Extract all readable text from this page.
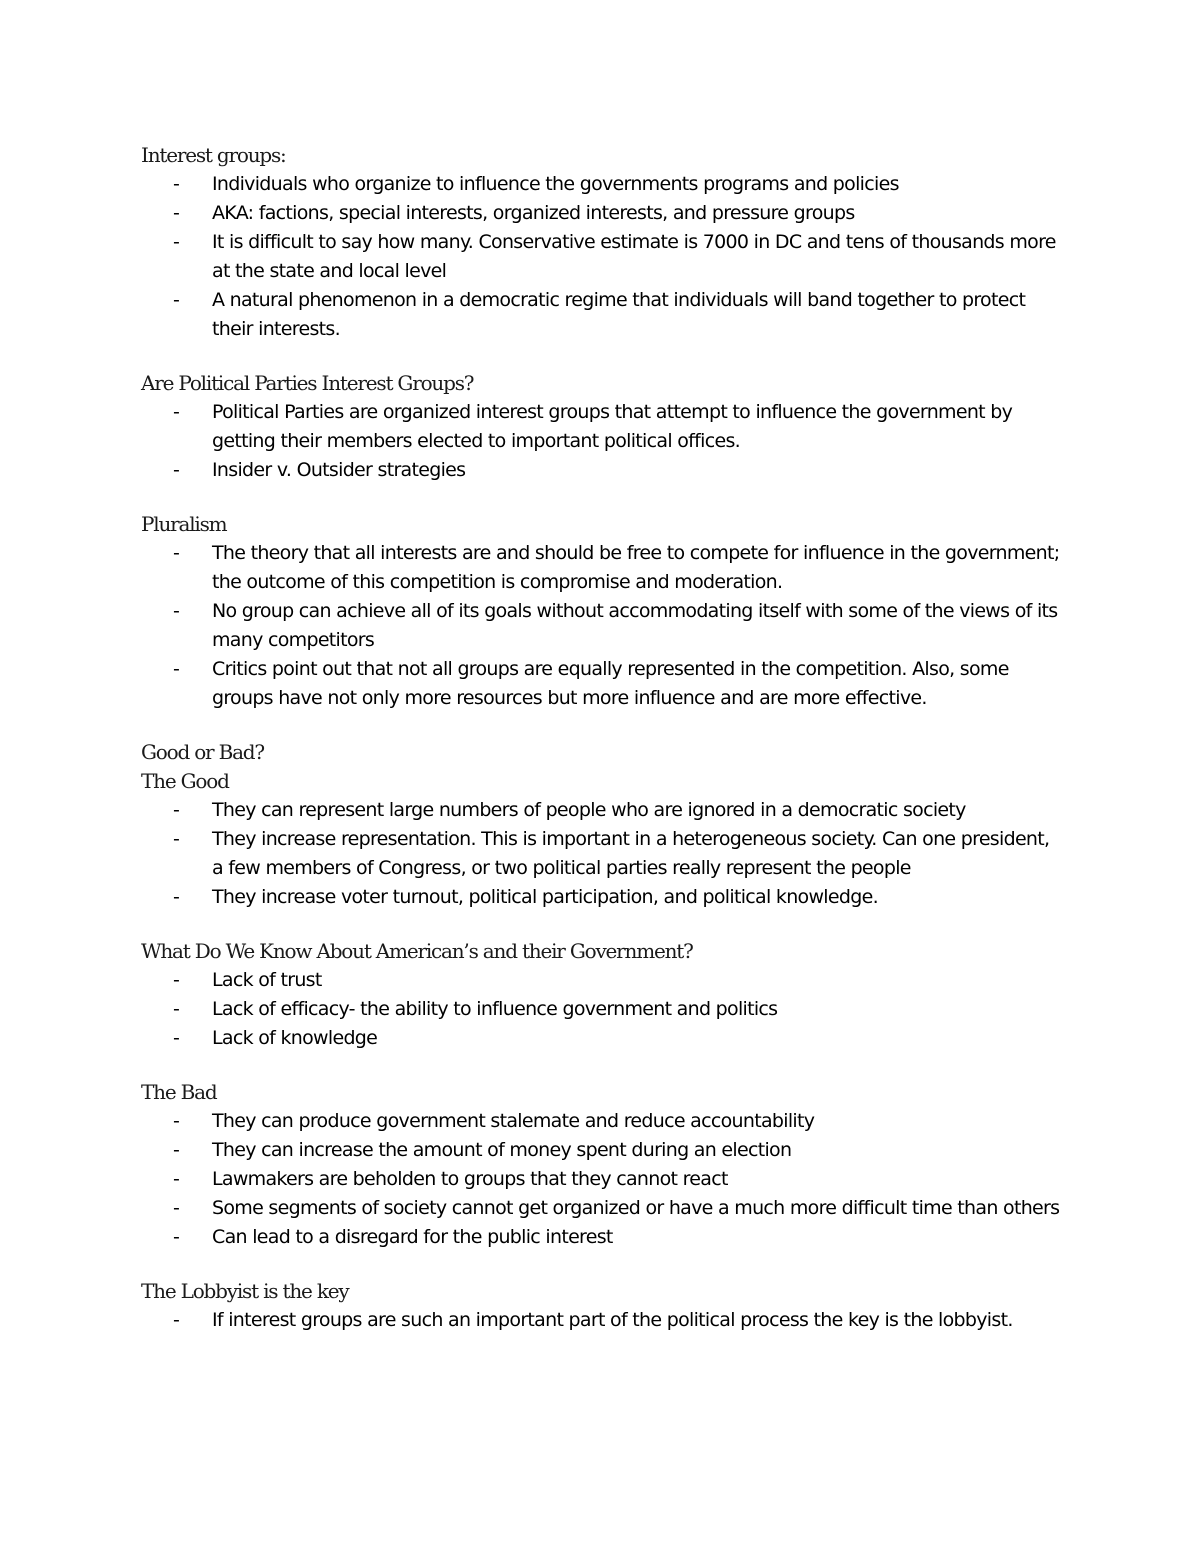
Interest groups:

- Individuals who organize to influence the governments programs and policies
- AKA: factions, special interests, organized interests, and pressure groups
- It is difficult to say how many. Conservative estimate is 7000 in DC and tens of thousands more at the state and local level
- A natural phenomenon in a democratic regime that individuals will band together to protect their interests.

Are Political Parties Interest Groups?

- Political Parties are organized interest groups that attempt to influence the government by getting their members elected to important political offices.
- Insider v. Outsider strategies

Pluralism

- The theory that all interests are and should be free to compete for influence in the government; the outcome of this competition is compromise and moderation.
- No group can achieve all of its goals without accommodating itself with some of the views of its many competitors
- Critics point out that not all groups are equally represented in the competition. Also, some groups have not only more resources but more influence and are more effective.

Good or Bad?

The Good

- They can represent large numbers of people who are ignored in a democratic society
- They increase representation. This is important in a heterogeneous society. Can one president, a few members of Congress, or two political parties really represent the people
- They increase voter turnout, political participation, and political knowledge.

What Do We Know About American’s and their Government?

- Lack of trust
- Lack of efficacy- the ability to influence government and politics
- Lack of knowledge

The Bad

- They can produce government stalemate and reduce accountability
- They can increase the amount of money spent during an election
- Lawmakers are beholden to groups that they cannot react
- Some segments of society cannot get organized or have a much more difficult time than others
- Can lead to a disregard for the public interest

The Lobbyist is the key

- If interest groups are such an important part of the political process the key is the lobbyist.
